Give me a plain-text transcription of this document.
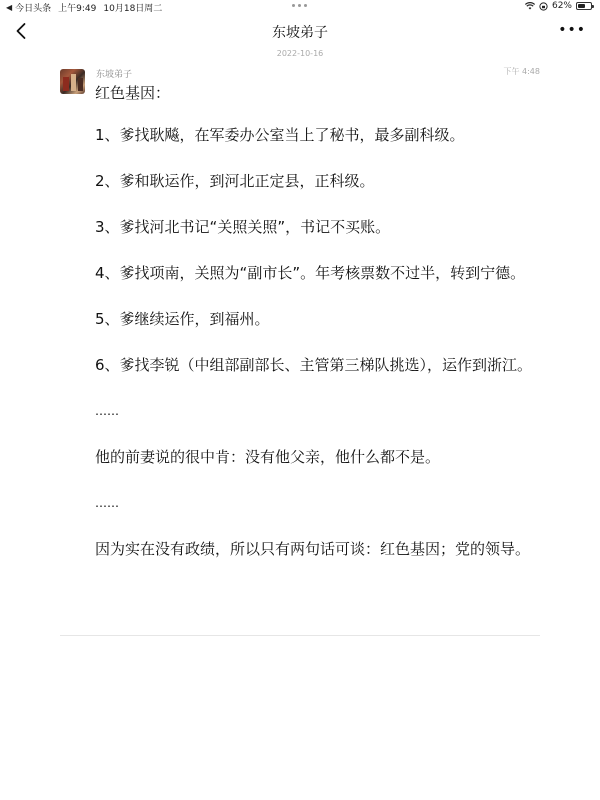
◀ 今日头条 上午9:49 10月18日周二	62%
东坡弟子	•••
2022-10-16
东坡弟子	下午 4:48

红色基因：

1、爹找耿飚，在军委办公室当上了秘书，最多副科级。

2、爹和耿运作，到河北正定县，正科级。

3、爹找河北书记“关照关照”，书记不买账。

4、爹找项南，关照为“副市长”。年考核票数不过半，转到宁德。

5、爹继续运作，到福州。

6、爹找李锐（中组部副部长、主管第三梯队挑选），运作到浙江。

……

他的前妻说的很中肯：没有他父亲，他什么都不是。

……

因为实在没有政绩，所以只有两句话可谈：红色基因；党的领导。
